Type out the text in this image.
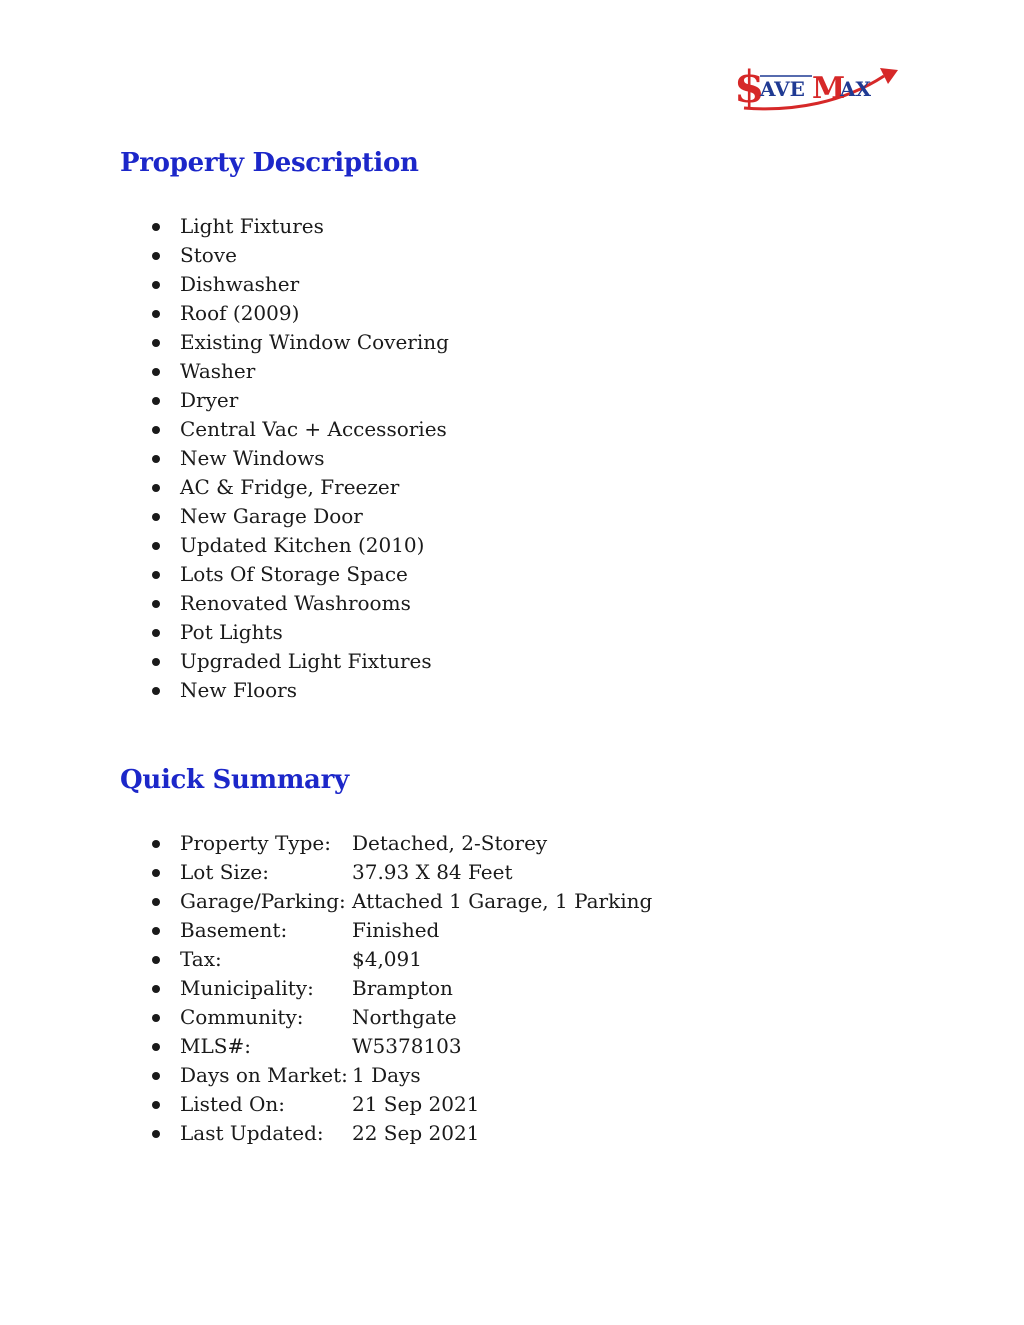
$
AVE M
AX
Property Description
Light Fixtures
Stove
Dishwasher
Roof (2009)
Existing Window Covering
Washer
Dryer
Central Vac + Accessories
New Windows
AC & Fridge, Freezer
New Garage Door
Updated Kitchen (2010)
Lots Of Storage Space
Renovated Washrooms
Pot Lights
Upgraded Light Fixtures
New Floors
Quick Summary
Property Type: Detached, 2-Storey
Lot Size:	37.93 X 84 Feet
Garage/Parking: Attached 1 Garage, 1 Parking
Basement:	Finished
Tax:	$4,091
Municipality: Brampton
Community: Northgate
MLS#:	W5378103
Days on Market: 1 Days
Listed On:	21 Sep 2021
Last Updated: 22 Sep 2021
